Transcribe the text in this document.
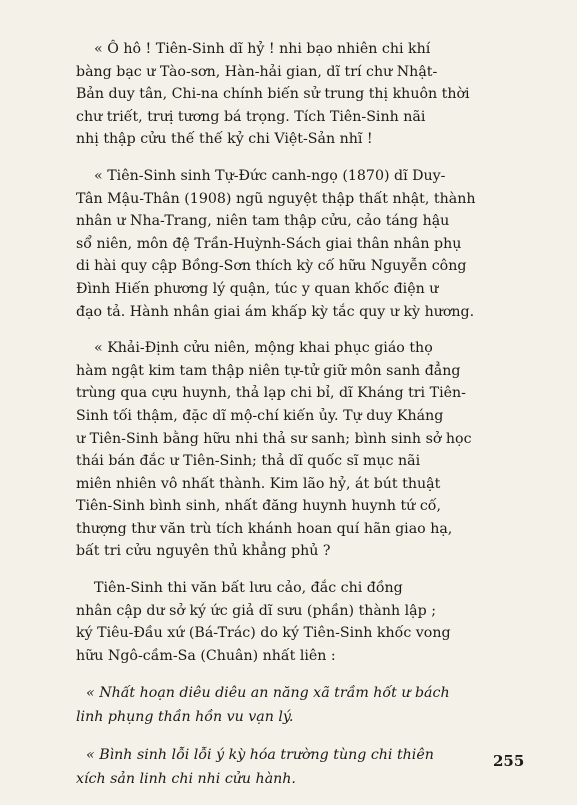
« Ô hô ! Tiên-Sinh dĩ hỷ ! nhi bạo nhiên chi khí
bàng bạc ư Tào-sơn, Hàn-hải gian, dĩ trí chư Nhật-
Bản duy tân, Chi-na chính biến sử trung thị khuôn thời
chư triết, trưị tương bá trọng. Tích Tiên-Sinh nãi
nhị thập cửu thế thế kỷ chi Việt-Sản nhĩ !
« Tiên-Sinh sinh Tự-Đức canh-ngọ (1870) dĩ Duy-
Tân Mậu-Thân (1908) ngũ nguyệt thập thất nhật, thành
nhân ư Nha-Trang, niên tam thập cửu, cảo táng hậu
sổ niên, môn đệ Trần-Huỳnh-Sách giai thân nhân phụ
di hài quy cập Bồng-Sơn thích kỳ cố hữu Nguyễn công
Đình Hiến phương lý quận, túc y quan khốc điện ư
đạo tả. Hành nhân giai ám khấp kỳ tắc quy ư kỳ hương.
« Khải-Định cửu niên, mộng khai phục giáo thọ
hàm ngật kim tam thập niên tự-tử giữ môn sanh đẳng
trùng qua cựu huynh, thả lạp chi bỉ, dĩ Kháng tri Tiên-
Sinh tối thậm, đặc dĩ mộ-chí kiến ủy. Tự duy Kháng
ư Tiên-Sinh bằng hữu nhi thả sư sanh; bình sinh sở học
thái bán đắc ư Tiên-Sinh; thả dĩ quốc sĩ mục nãi
miên nhiên vô nhất thành. Kim lão hỷ, át bút thuật
Tiên-Sinh bình sinh, nhất đăng huynh huynh tứ cố,
thượng thư văn trù tích khánh hoan quí hãn giao hạ,
bất tri cửu nguyên thủ khẳng phủ ?
Tiên-Sinh thi văn bất lưu cảo, đắc chi đồng
nhân cập dư sở ký ức giả dĩ sưu (phần) thành lập ;
ký Tiêu-Đầu xứ (Bá-Trác) do ký Tiên-Sinh khốc vong
hữu Ngô-cầm-Sa (Chuân) nhất liên :
« Nhất hoạn diêu diêu an năng xã trầm hốt ư bách
linh phụng thần hồn vu vạn lý.
« Bình sinh lỗi lỗi ý kỳ hóa trường tùng chi thiên
xích sản linh chi nhi cửu hành.
255
